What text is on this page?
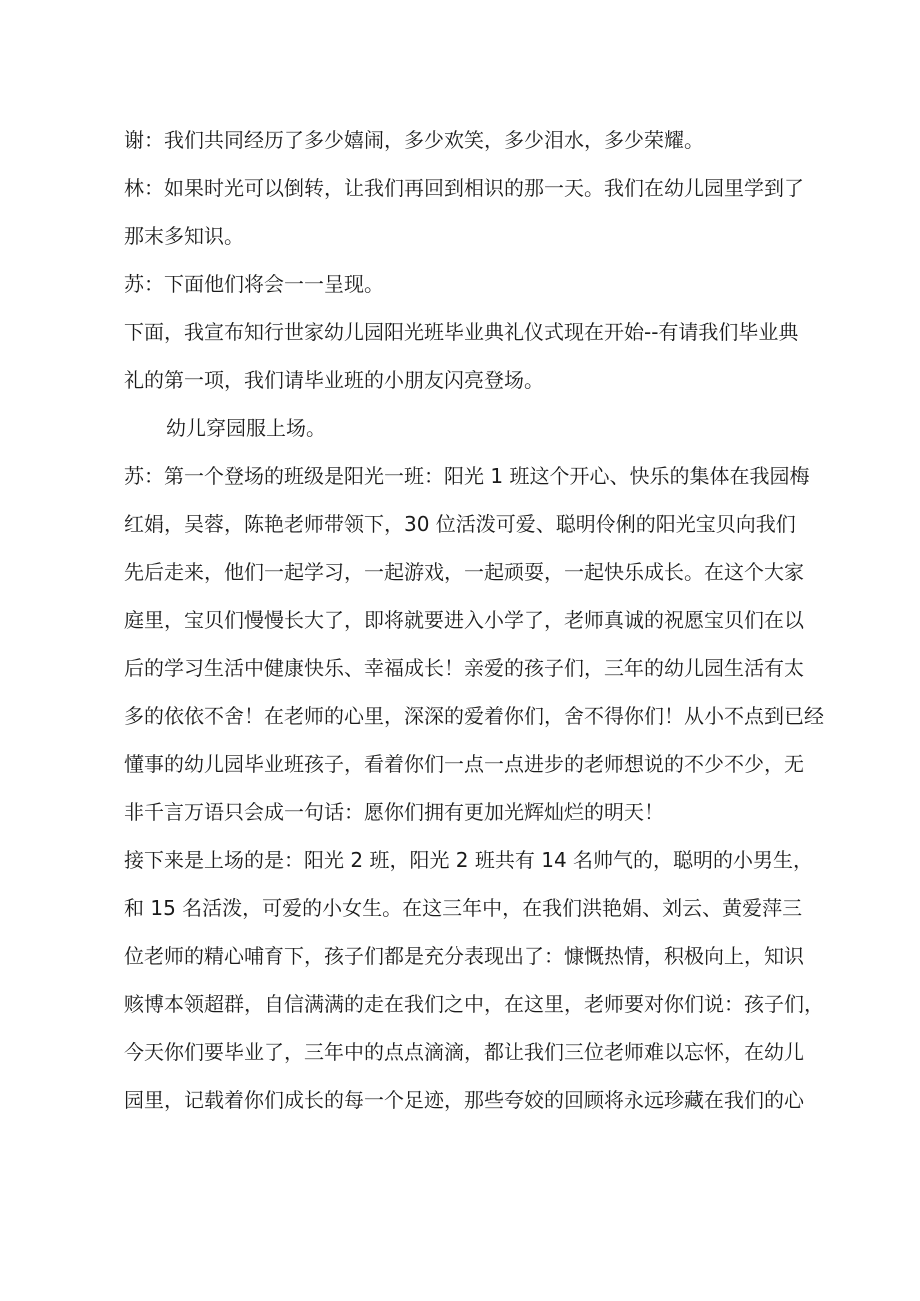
谢：我们共同经历了多少嬉闹，多少欢笑，多少泪水，多少荣耀。
林：如果时光可以倒转，让我们再回到相识的那一天。我们在幼儿园里学到了
那末多知识。
苏：下面他们将会一一呈现。
下面，我宣布知行世家幼儿园阳光班毕业典礼仪式现在开始--有请我们毕业典
礼的第一项，我们请毕业班的小朋友闪亮登场。
幼儿穿园服上场。
苏：第一个登场的班级是阳光一班：阳光 1 班这个开心、快乐的集体在我园梅
红娟，吴蓉，陈艳老师带领下，30 位活泼可爱、聪明伶俐的阳光宝贝向我们
先后走来，他们一起学习，一起游戏，一起顽耍，一起快乐成长。在这个大家
庭里，宝贝们慢慢长大了，即将就要进入小学了，老师真诚的祝愿宝贝们在以
后的学习生活中健康快乐、幸福成长！亲爱的孩子们，三年的幼儿园生活有太
多的依依不舍！在老师的心里，深深的爱着你们，舍不得你们！从小不点到已经
懂事的幼儿园毕业班孩子，看着你们一点一点进步的老师想说的不少不少，无
非千言万语只会成一句话：愿你们拥有更加光辉灿烂的明天！
接下来是上场的是：阳光 2 班，阳光 2 班共有 14 名帅气的，聪明的小男生，
和 15 名活泼，可爱的小女生。在这三年中，在我们洪艳娟、刘云、黄爱萍三
位老师的精心哺育下，孩子们都是充分表现出了：慷慨热情，积极向上，知识
赅博本领超群，自信满满的走在我们之中，在这里，老师要对你们说：孩子们，
今天你们要毕业了，三年中的点点滴滴，都让我们三位老师难以忘怀，在幼儿
园里，记载着你们成长的每一个足迹，那些夸姣的回顾将永远珍藏在我们的心
